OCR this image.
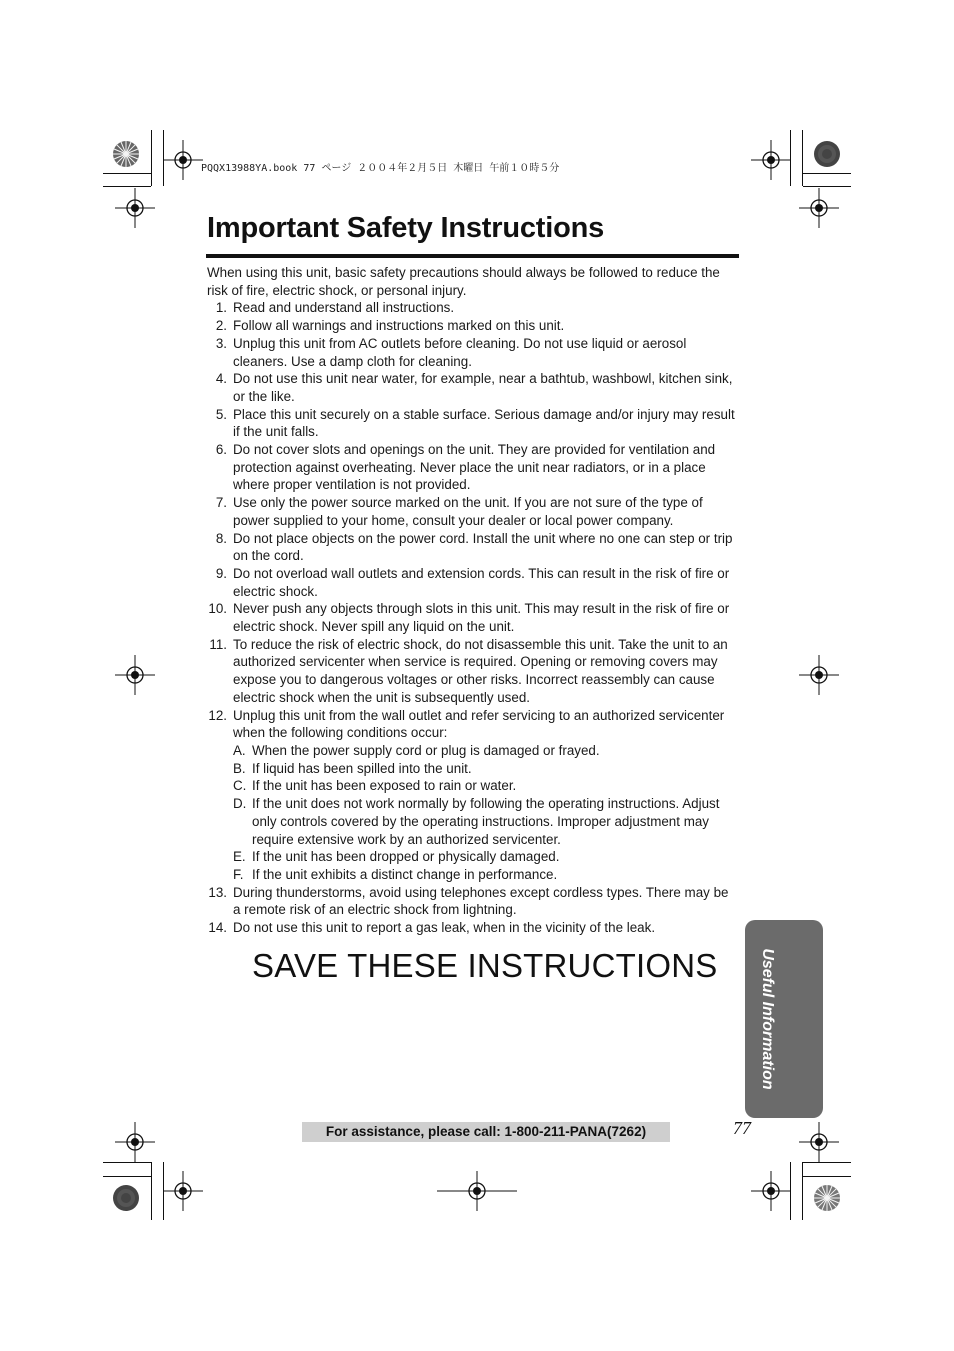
PQQX13988YA.book 77 ページ ２００４年２月５日 木曜日 午前１０時５分
Important Safety Instructions

When using this unit, basic safety precautions should always be followed to reduce the risk of fire, electric shock, or personal injury.

1. Read and understand all instructions.
2. Follow all warnings and instructions marked on this unit.
3. Unplug this unit from AC outlets before cleaning. Do not use liquid or aerosol cleaners. Use a damp cloth for cleaning.
4. Do not use this unit near water, for example, near a bathtub, washbowl, kitchen sink, or the like.
5. Place this unit securely on a stable surface. Serious damage and/or injury may result if the unit falls.
6. Do not cover slots and openings on the unit. They are provided for ventilation and protection against overheating. Never place the unit near radiators, or in a place where proper ventilation is not provided.
7. Use only the power source marked on the unit. If you are not sure of the type of power supplied to your home, consult your dealer or local power company.
8. Do not place objects on the power cord. Install the unit where no one can step or trip on the cord.
9. Do not overload wall outlets and extension cords. This can result in the risk of fire or electric shock.
10. Never push any objects through slots in this unit. This may result in the risk of fire or electric shock. Never spill any liquid on the unit.
11. To reduce the risk of electric shock, do not disassemble this unit. Take the unit to an authorized servicenter when service is required. Opening or removing covers may expose you to dangerous voltages or other risks. Incorrect reassembly can cause electric shock when the unit is subsequently used.
12. Unplug this unit from the wall outlet and refer servicing to an authorized servicenter when the following conditions occur:
A. When the power supply cord or plug is damaged or frayed.
B. If liquid has been spilled into the unit.
C. If the unit has been exposed to rain or water.
D. If the unit does not work normally by following the operating instructions. Adjust only controls covered by the operating instructions. Improper adjustment may require extensive work by an authorized servicenter.
E. If the unit has been dropped or physically damaged.
F. If the unit exhibits a distinct change in performance.
13. During thunderstorms, avoid using telephones except cordless types. There may be a remote risk of an electric shock from lightning.
14. Do not use this unit to report a gas leak, when in the vicinity of the leak.
SAVE THESE INSTRUCTIONS	Useful Information
For assistance, please call: 1-800-211-PANA(7262)	77
